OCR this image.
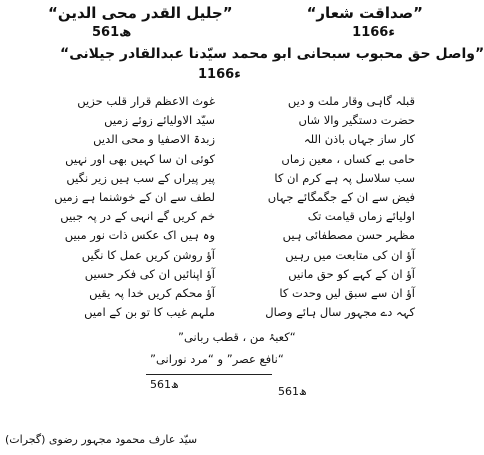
“جلیل القدر محی الدین”	“صداقت شعار”
561ھ	1166ء
“واصل حق محبوب سبحانی ابو محمد سیّدنا عبدالقادر جیلانی”
1166ء
قبلہ گاہی وقار ملت و دیں
غوث الاعظم قرار قلب حزیں
حضرت دستگیر والا شاں
سیّد الاولیائے زوئے زمیں
کار ساز جہاں باذن اللہ
زبدۃ الاصفیا و محی الدیں
حامی بے کساں ، معین زماں
کوئی ان سا کہیں بھی اور نہیں
سب سلاسل پہ ہے کرم ان کا
پیر پیراں کے سب ہیں زیر نگیں
فیض سے ان کے جگمگائے جہاں
لطف سے ان کے خوشنما ہے زمیں
اولیائے زماں قیامت تک
خم کریں گے انہی کے در پہ جبیں
مظہر حسن مصطفائی ہیں
وہ ہیں اک عکس ذات نور مبیں
آؤ ان کی متابعت میں رہیں
آؤ روشن کریں عمل کا نگیں
آؤ ان کے کہے کو حق مانیں
آؤ اپنائیں ان کی فکر حسیں
آؤ ان سے سبق لیں وحدت کا
آؤ محکم کریں خدا پہ یقیں
کہہ دے مجہور سال ہائے وصال
ملہم غیب کا تو بن کے امیں
“کعبۂ من ، قطب ربانی”
“نافع عصر” و “مرد نورانی”
561ھ
561ھ
سیّد عارف محمود مجہور رضوی (گجرات)
